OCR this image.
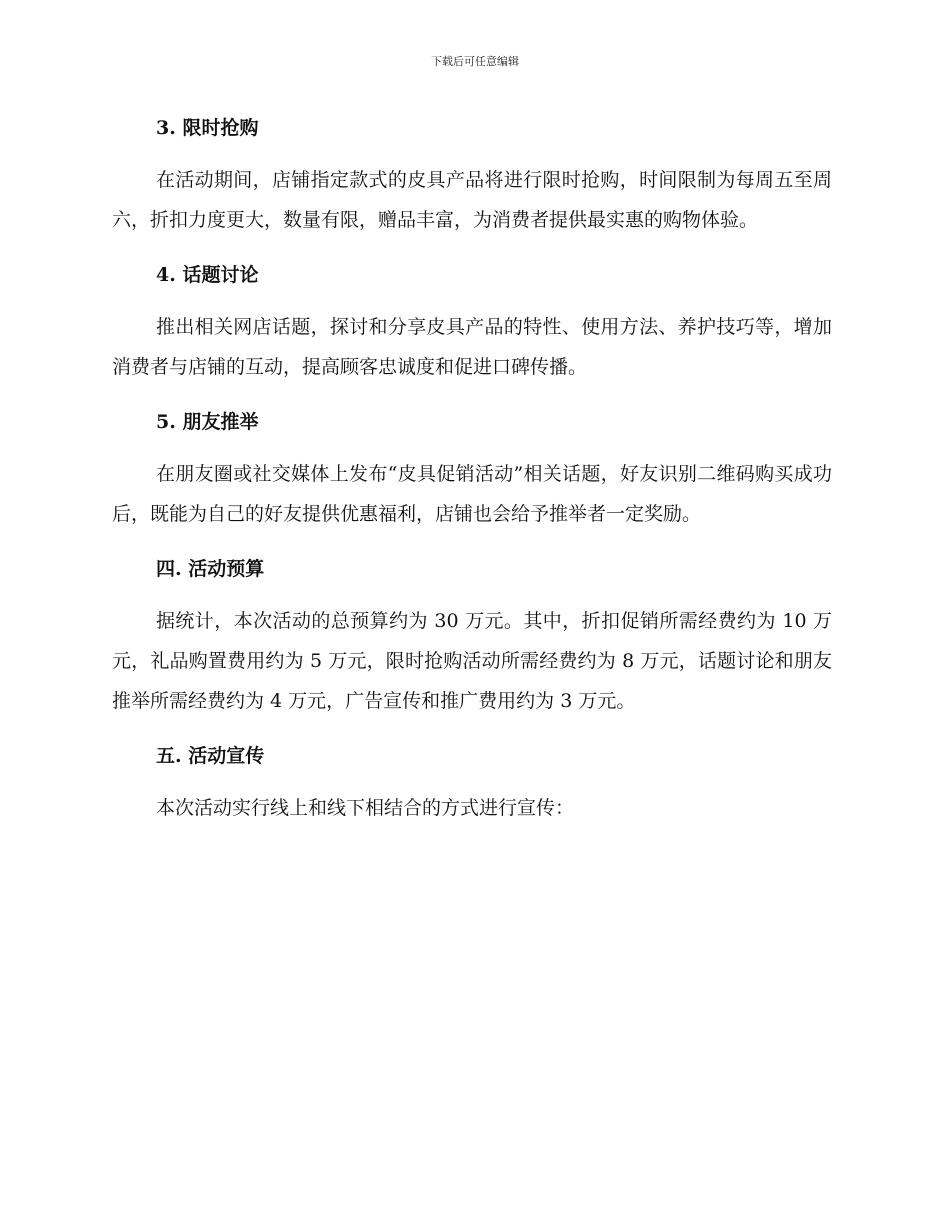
下载后可任意编辑
3. 限时抢购

在活动期间，店铺指定款式的皮具产品将进行限时抢购，时间限制为每周五至周六，折扣力度更大，数量有限，赠品丰富，为消费者提供最实惠的购物体验。

4. 话题讨论

推出相关网店话题，探讨和分享皮具产品的特性、使用方法、养护技巧等，增加消费者与店铺的互动，提高顾客忠诚度和促进口碑传播。

5. 朋友推举

在朋友圈或社交媒体上发布“皮具促销活动”相关话题，好友识别二维码购买成功后，既能为自己的好友提供优惠福利，店铺也会给予推举者一定奖励。

四. 活动预算

据统计，本次活动的总预算约为 30 万元。其中，折扣促销所需经费约为 10 万元，礼品购置费用约为 5 万元，限时抢购活动所需经费约为 8 万元，话题讨论和朋友推举所需经费约为 4 万元，广告宣传和推广费用约为 3 万元。

五. 活动宣传

本次活动实行线上和线下相结合的方式进行宣传：
